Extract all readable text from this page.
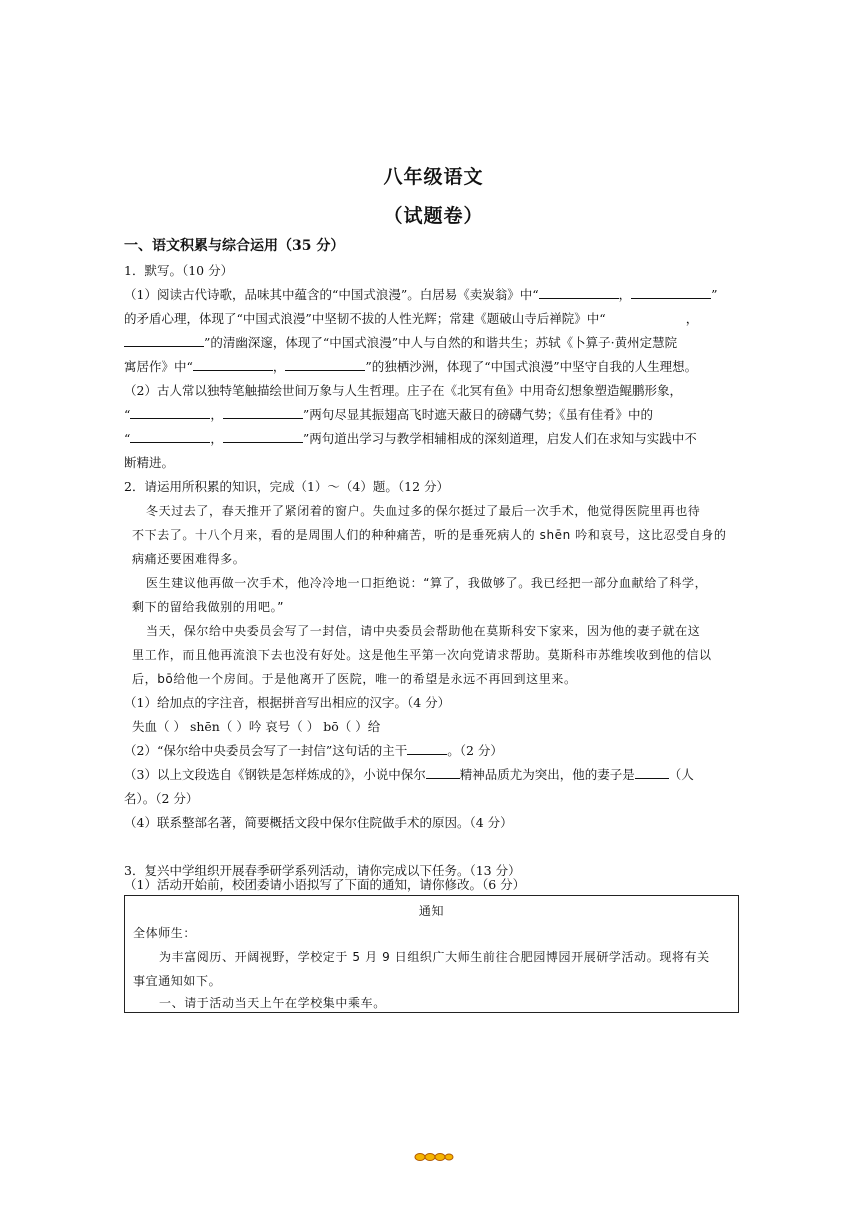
八年级语文
（试题卷）
一、语文积累与综合运用（35 分）
1．默写。（10 分）
（1）阅读古代诗歌，品味其中蕴含的“中国式浪漫”。白居易《卖炭翁》中“	，	”
的矛盾心理，体现了“中国式浪漫”中坚韧不拔的人性光辉；常建《题破山寺后禅院》中“	，
”的清幽深邃，体现了“中国式浪漫”中人与自然的和谐共生；苏轼《卜算子·黄州定慧院
寓居作》中“	，	”的独栖沙洲，体现了“中国式浪漫”中坚守自我的人生理想。
（2）古人常以独特笔触描绘世间万象与人生哲理。庄子在《北冥有鱼》中用奇幻想象塑造鲲鹏形象，
“	，	”两句尽显其振翅高飞时遮天蔽日的磅礴气势；《虽有佳肴》中的
“	，	”两句道出学习与教学相辅相成的深刻道理，启发人们在求知与实践中不
断精进。
2．请运用所积累的知识，完成（1）～（4）题。（12 分）
冬天过去了，春天推开了紧闭着的窗户。失血过多的保尔挺过了最后一次手术，他觉得医院里再也待
不下去了。十八个月来，看的是周围人们的种种痛苦，听的是垂死病人的 shēn 吟和哀号，这比忍受自身的
病痛还要困难得多。
医生建议他再做一次手术，他冷冷地一口拒绝说：“算了，我做够了。我已经把一部分血献给了科学，
剩下的留给我做别的用吧。”
当天，保尔给中央委员会写了一封信，请中央委员会帮助他在莫斯科安下家来，因为他的妻子就在这
里工作，而且他再流浪下去也没有好处。这是他生平第一次向党请求帮助。莫斯科市苏维埃收到他的信以
后，bō给他一个房间。于是他离开了医院，唯一的希望是永远不再回到这里来。
（1）给加点的字注音，根据拼音写出相应的汉字。（4 分）
失血（ ） shēn（ ）吟 哀号（ ） bō（ ）给
（2）“保尔给中央委员会写了一封信”这句话的主干	。（2 分）
（3）以上文段选自《钢铁是怎样炼成的》，小说中保尔	精神品质尤为突出，他的妻子是	（人
名）。（2 分）
（4）联系整部名著，简要概括文段中保尔住院做手术的原因。（4 分）
3．复兴中学组织开展春季研学系列活动，请你完成以下任务。（13 分）
（1）活动开始前，校团委请小语拟写了下面的通知，请你修改。（6 分）
通知
全体师生：
为丰富阅历、开阔视野，学校定于 5 月 9 日组织广大师生前往合肥园博园开展研学活动。现将有关
事宜通知如下。
一、请于活动当天上午在学校集中乘车。
